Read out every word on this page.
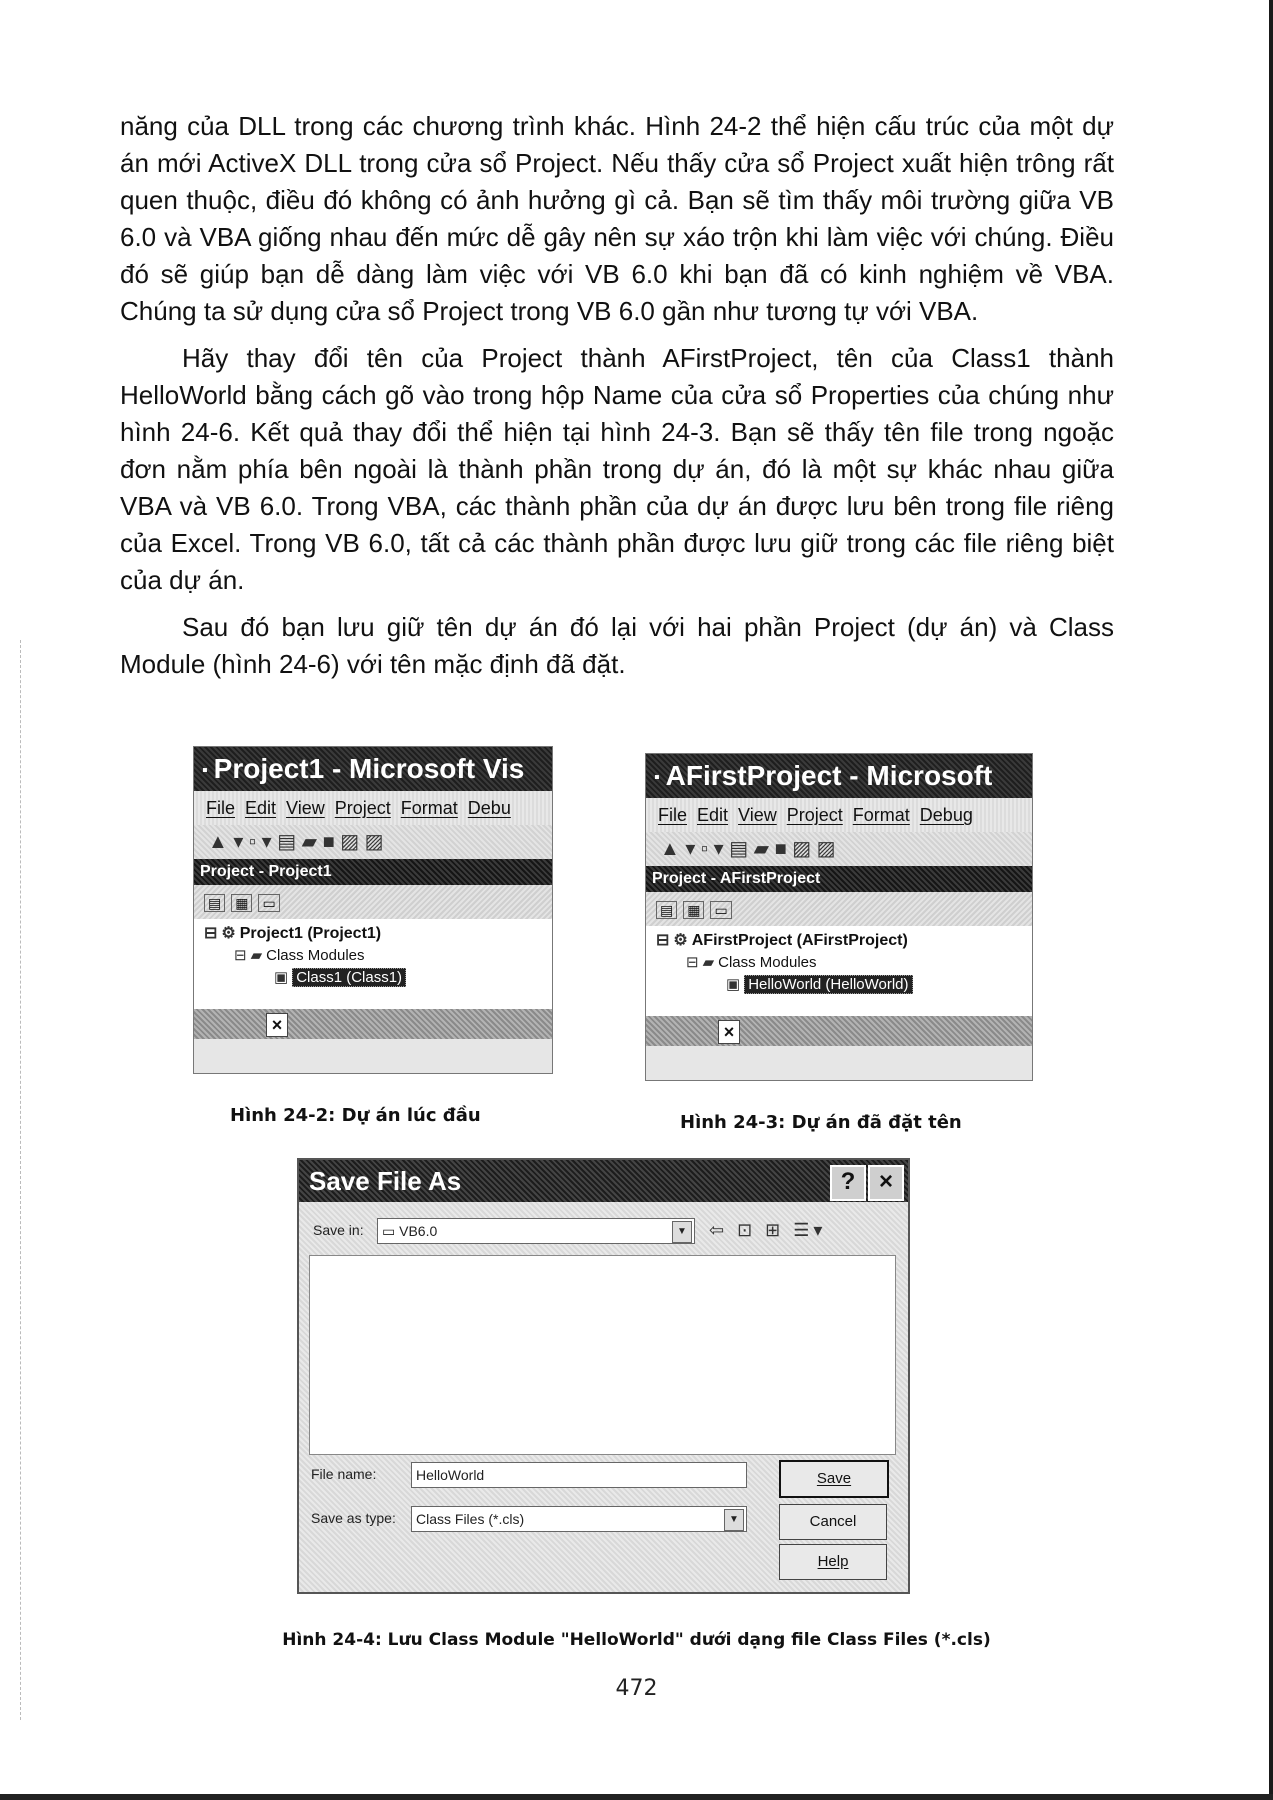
năng của DLL trong các chương trình khác. Hình 24-2 thể hiện cấu trúc của một dự án mới ActiveX DLL trong cửa sổ Project. Nếu thấy cửa sổ Project xuất hiện trông rất quen thuộc, điều đó không có ảnh hưởng gì cả. Bạn sẽ tìm thấy môi trường giữa VB 6.0 và VBA giống nhau đến mức dễ gây nên sự xáo trộn khi làm việc với chúng. Điều đó sẽ giúp bạn dễ dàng làm việc với VB 6.0 khi bạn đã có kinh nghiệm về VBA. Chúng ta sử dụng cửa sổ Project trong VB 6.0 gần như tương tự với VBA.

Hãy thay đổi tên của Project thành AFirstProject, tên của Class1 thành HelloWorld bằng cách gõ vào trong hộp Name của cửa sổ Properties của chúng như hình 24-6. Kết quả thay đổi thể hiện tại hình 24-3. Bạn sẽ thấy tên file trong ngoặc đơn nằm phía bên ngoài là thành phần trong dự án, đó là một sự khác nhau giữa VBA và VB 6.0. Trong VBA, các thành phần của dự án được lưu bên trong file riêng của Excel. Trong VB 6.0, tất cả các thành phần được lưu giữ trong các file riêng biệt của dự án.

Sau đó bạn lưu giữ tên dự án đó lại với hai phần Project (dự án) và Class Module (hình 24-6) với tên mặc định đã đặt.

▪ Project1 - Microsoft Vis
File Edit View Project Format Debu
▲ ▾ ▫ ▾ ▤ ▰ ■ ▨ ▨
Project - Project1
▤ ▦ ▭
⊟ ⚙ Project1 (Project1)
⊟ ▰ Class Modules
▣ Class1 (Class1)
×
Hình 24-2: Dự án lúc đầu
▪ AFirstProject - Microsoft
File Edit View Project Format Debug
▲ ▾ ▫ ▾ ▤ ▰ ■ ▨ ▨
Project - AFirstProject
▤ ▦ ▭
⊟ ⚙ AFirstProject (AFirstProject)
⊟ ▰ Class Modules
▣ HelloWorld (HelloWorld)
×
Hình 24-3: Dự án đã đặt tên
Save File As	? ×
Save in:	▭ VB6.0	▼ ⇦ ⊡ ⊞ ☰▾
File name:	HelloWorld
Save as type:	Class Files (*.cls)	▼
Save
Cancel
Help
Hình 24-4: Lưu Class Module "HelloWorld" dưới dạng file Class Files (*.cls)
472
